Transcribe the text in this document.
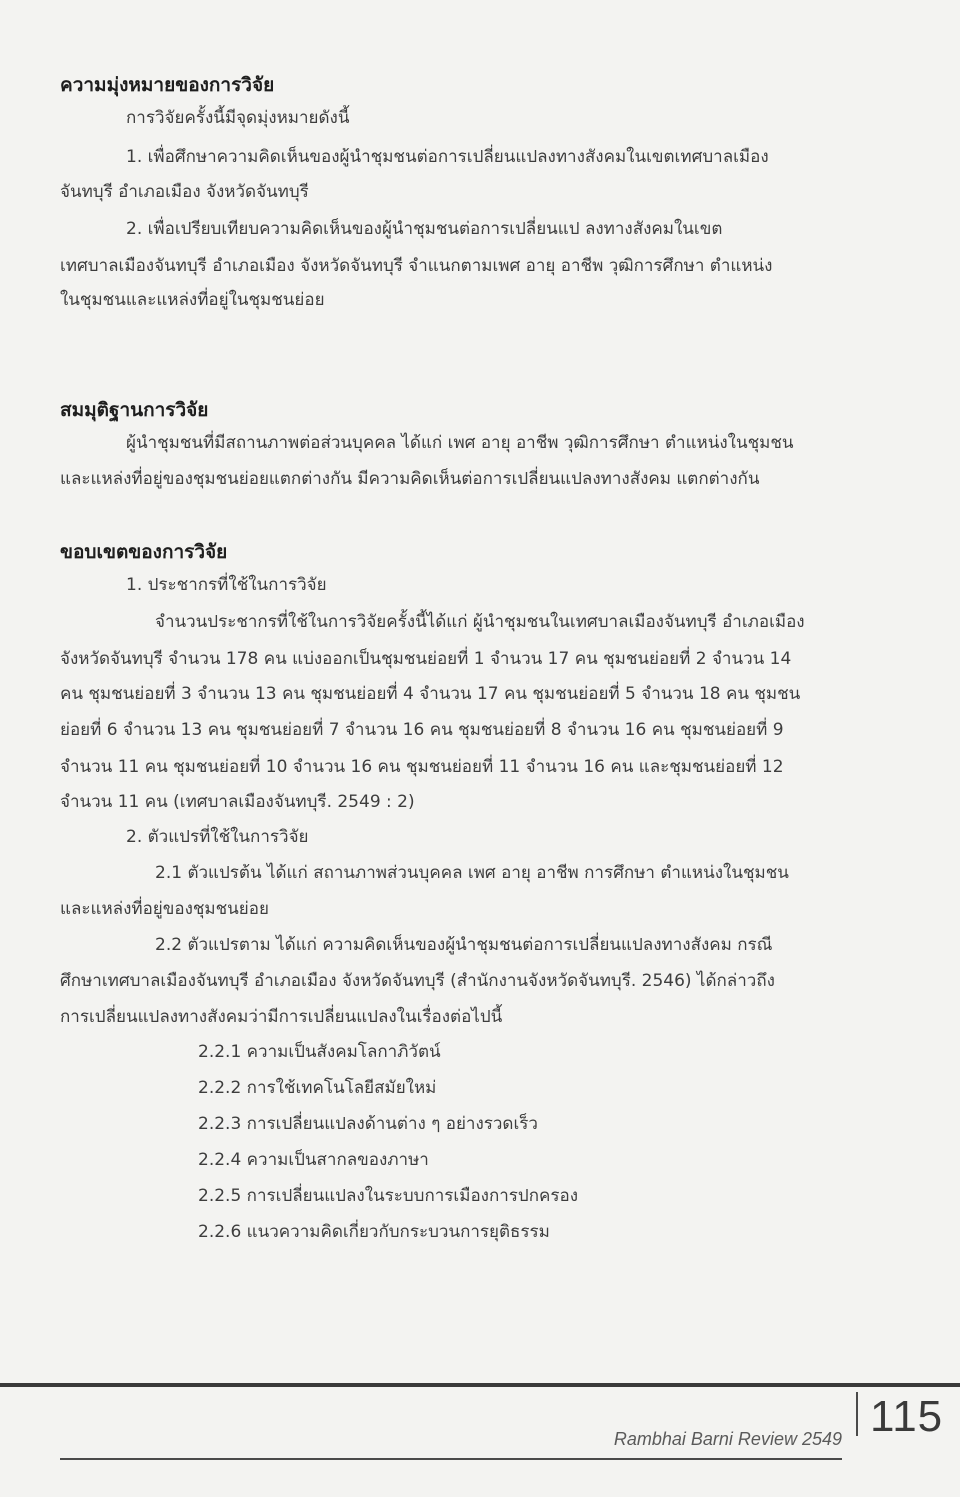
ความมุ่งหมายของการวิจัย
การวิจัยครั้งนี้มีจุดมุ่งหมายดังนี้
1. เพื่อศึกษาความคิดเห็นของผู้นำชุมชนต่อการเปลี่ยนแปลงทางสังคมในเขตเทศบาลเมือง
จันทบุรี อำเภอเมือง จังหวัดจันทบุรี
2. เพื่อเปรียบเทียบความคิดเห็นของผู้นำชุมชนต่อการเปลี่ยนแป ลงทางสังคมในเขต
เทศบาลเมืองจันทบุรี อำเภอเมือง จังหวัดจันทบุรี จำแนกตามเพศ อายุ อาชีพ วุฒิการศึกษา ตำแหน่ง
ในชุมชนและแหล่งที่อยู่ในชุมชนย่อย
สมมุติฐานการวิจัย
ผู้นำชุมชนที่มีสถานภาพต่อส่วนบุคคล ได้แก่ เพศ อายุ อาชีพ วุฒิการศึกษา ตำแหน่งในชุมชน
และแหล่งที่อยู่ของชุมชนย่อยแตกต่างกัน มีความคิดเห็นต่อการเปลี่ยนแปลงทางสังคม แตกต่างกัน
ขอบเขตของการวิจัย
1. ประชากรที่ใช้ในการวิจัย
จำนวนประชากรที่ใช้ในการวิจัยครั้งนี้ได้แก่ ผู้นำชุมชนในเทศบาลเมืองจันทบุรี อำเภอเมือง
จังหวัดจันทบุรี จำนวน 178 คน แบ่งออกเป็นชุมชนย่อยที่ 1 จำนวน 17 คน ชุมชนย่อยที่ 2 จำนวน 14
คน ชุมชนย่อยที่ 3 จำนวน 13 คน ชุมชนย่อยที่ 4 จำนวน 17 คน ชุมชนย่อยที่ 5 จำนวน 18 คน ชุมชน
ย่อยที่ 6 จำนวน 13 คน ชุมชนย่อยที่ 7 จำนวน 16 คน ชุมชนย่อยที่ 8 จำนวน 16 คน ชุมชนย่อยที่ 9
จำนวน 11 คน ชุมชนย่อยที่ 10 จำนวน 16 คน ชุมชนย่อยที่ 11 จำนวน 16 คน และชุมชนย่อยที่ 12
จำนวน 11 คน (เทศบาลเมืองจันทบุรี. 2549 : 2)
2. ตัวแปรที่ใช้ในการวิจัย
2.1 ตัวแปรต้น ได้แก่ สถานภาพส่วนบุคคล เพศ อายุ อาชีพ การศึกษา ตำแหน่งในชุมชน
และแหล่งที่อยู่ของชุมชนย่อย
2.2 ตัวแปรตาม ได้แก่ ความคิดเห็นของผู้นำชุมชนต่อการเปลี่ยนแปลงทางสังคม กรณี
ศึกษาเทศบาลเมืองจันทบุรี อำเภอเมือง จังหวัดจันทบุรี (สำนักงานจังหวัดจันทบุรี. 2546) ได้กล่าวถึง
การเปลี่ยนแปลงทางสังคมว่ามีการเปลี่ยนแปลงในเรื่องต่อไปนี้
2.2.1 ความเป็นสังคมโลกาภิวัตน์
2.2.2 การใช้เทคโนโลยีสมัยใหม่
2.2.3 การเปลี่ยนแปลงด้านต่าง ๆ อย่างรวดเร็ว
2.2.4 ความเป็นสากลของภาษา
2.2.5 การเปลี่ยนแปลงในระบบการเมืองการปกครอง
2.2.6 แนวความคิดเกี่ยวกับกระบวนการยุติธรรม
Rambhai Barni Review 2549 115
